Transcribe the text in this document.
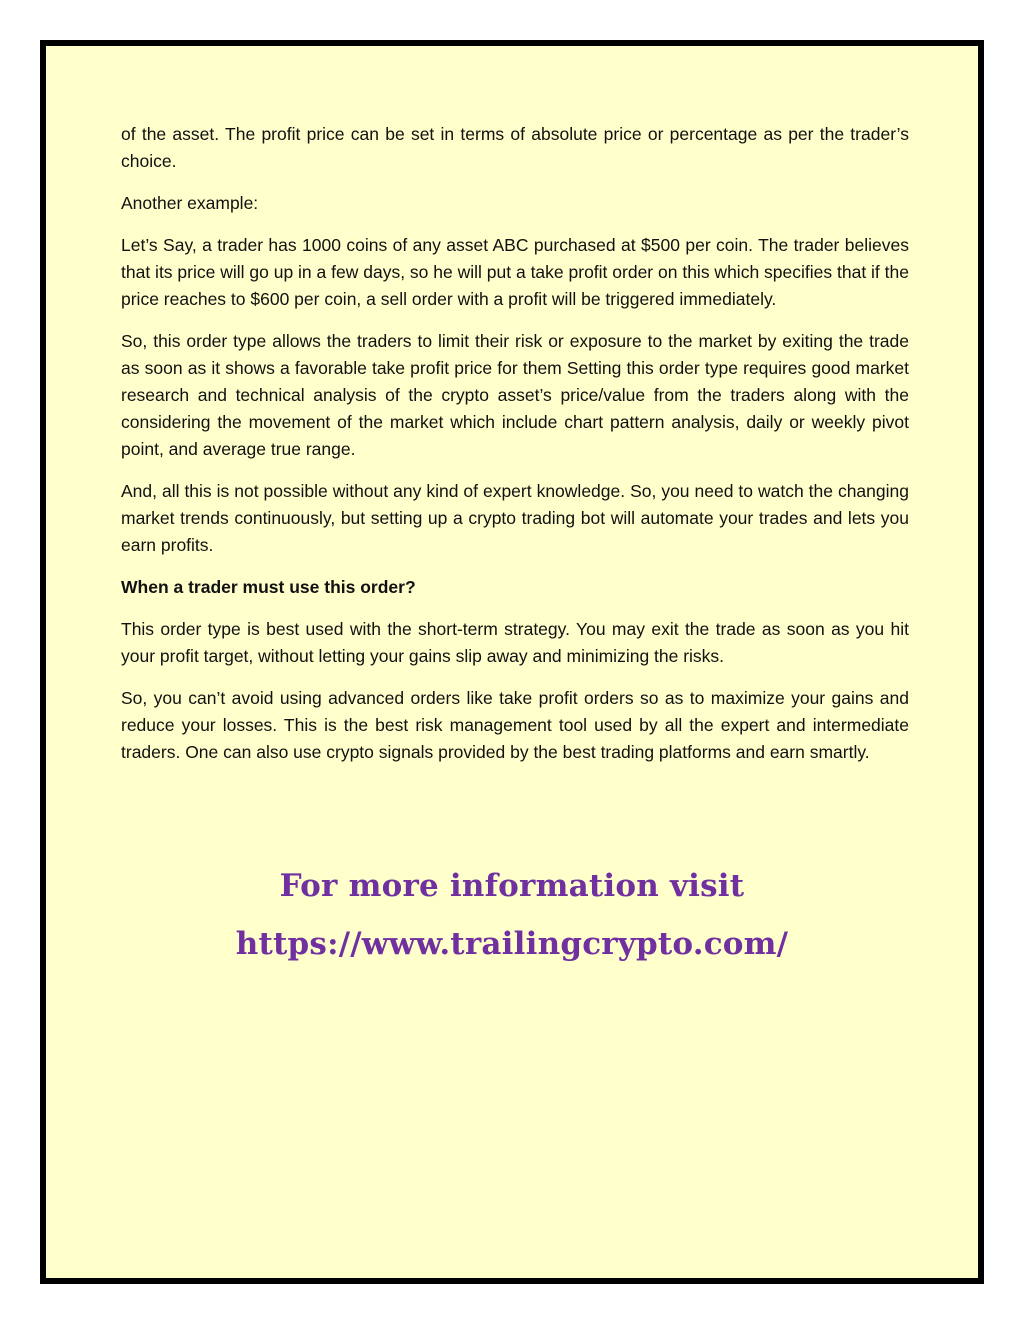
of the asset. The profit price can be set in terms of absolute price or percentage as per the trader’s choice.

Another example:

Let’s Say, a trader has 1000 coins of any asset ABC purchased at $500 per coin. The trader believes that its price will go up in a few days, so he will put a take profit order on this which specifies that if the price reaches to $600 per coin, a sell order with a profit will be triggered immediately.

So, this order type allows the traders to limit their risk or exposure to the market by exiting the trade as soon as it shows a favorable take profit price for them Setting this order type requires good market research and technical analysis of the crypto asset’s price/value from the traders along with the considering the movement of the market which include chart pattern analysis, daily or weekly pivot point, and average true range.

And, all this is not possible without any kind of expert knowledge. So, you need to watch the changing market trends continuously, but setting up a crypto trading bot will automate your trades and lets you earn profits.

When a trader must use this order?

This order type is best used with the short-term strategy. You may exit the trade as soon as you hit your profit target, without letting your gains slip away and minimizing the risks.

So, you can’t avoid using advanced orders like take profit orders so as to maximize your gains and reduce your losses. This is the best risk management tool used by all the expert and intermediate traders. One can also use crypto signals provided by the best trading platforms and earn smartly.

For more information visit
https://www.trailingcrypto.com/
